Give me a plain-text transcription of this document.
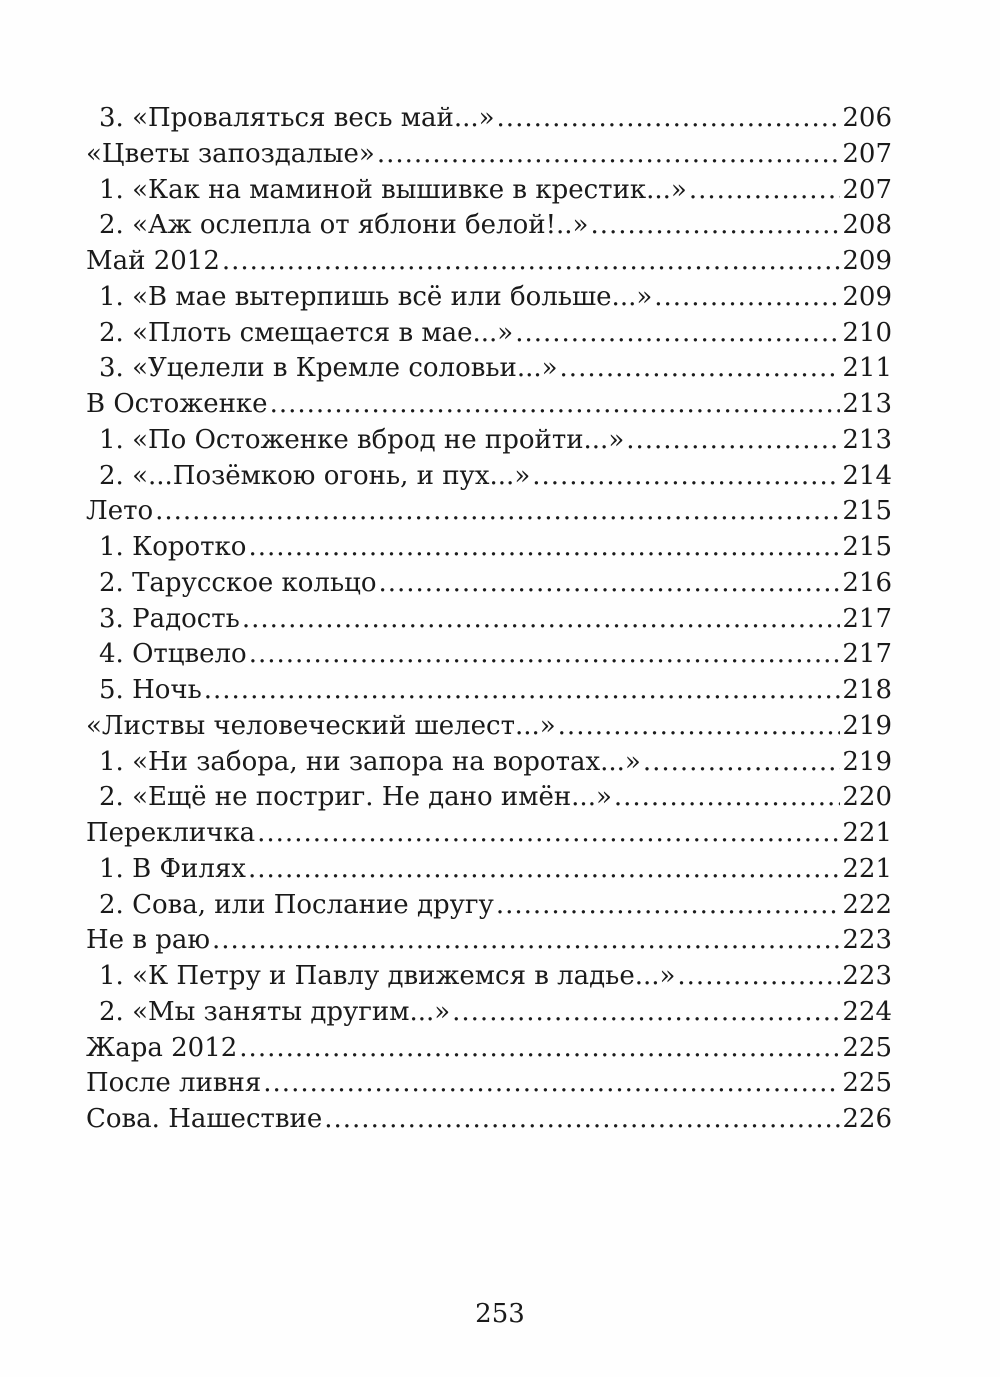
3. «Проваляться весь май...» .....	206
«Цветы запоздалые» .....	207
1. «Как на маминой вышивке в крестик...» .....	207
2. «Аж ослепла от яблони белой!..» .....	208
Май 2012 .....	209
1. «В мае вытерпишь всё или больше...» .....	209
2. «Плоть смещается в мае...» .....	210
3. «Уцелели в Кремле соловьи...» .....	211
В Остоженке .....	213
1. «По Остоженке вброд не пройти...» .....	213
2. «...Позёмкою огонь, и пух...» .....	214
Лето .....	215
1. Коротко .....	215
2. Тарусское кольцо .....	216
3. Радость .....	217
4. Отцвело .....	217
5. Ночь .....	218
«Листвы человеческий шелест...» .....	219
1. «Ни забора, ни запора на воротах...» .....	219
2. «Ещё не постриг. Не дано имён...» .....	220
Перекличка .....	221
1. В Филях .....	221
2. Сова, или Послание другу .....	222
Не в раю .....	223
1. «К Петру и Павлу движемся в ладье...» .....	223
2. «Мы заняты другим...» .....	224
Жара 2012 .....	225
После ливня .....	225
Сова. Нашествие .....	226
253
